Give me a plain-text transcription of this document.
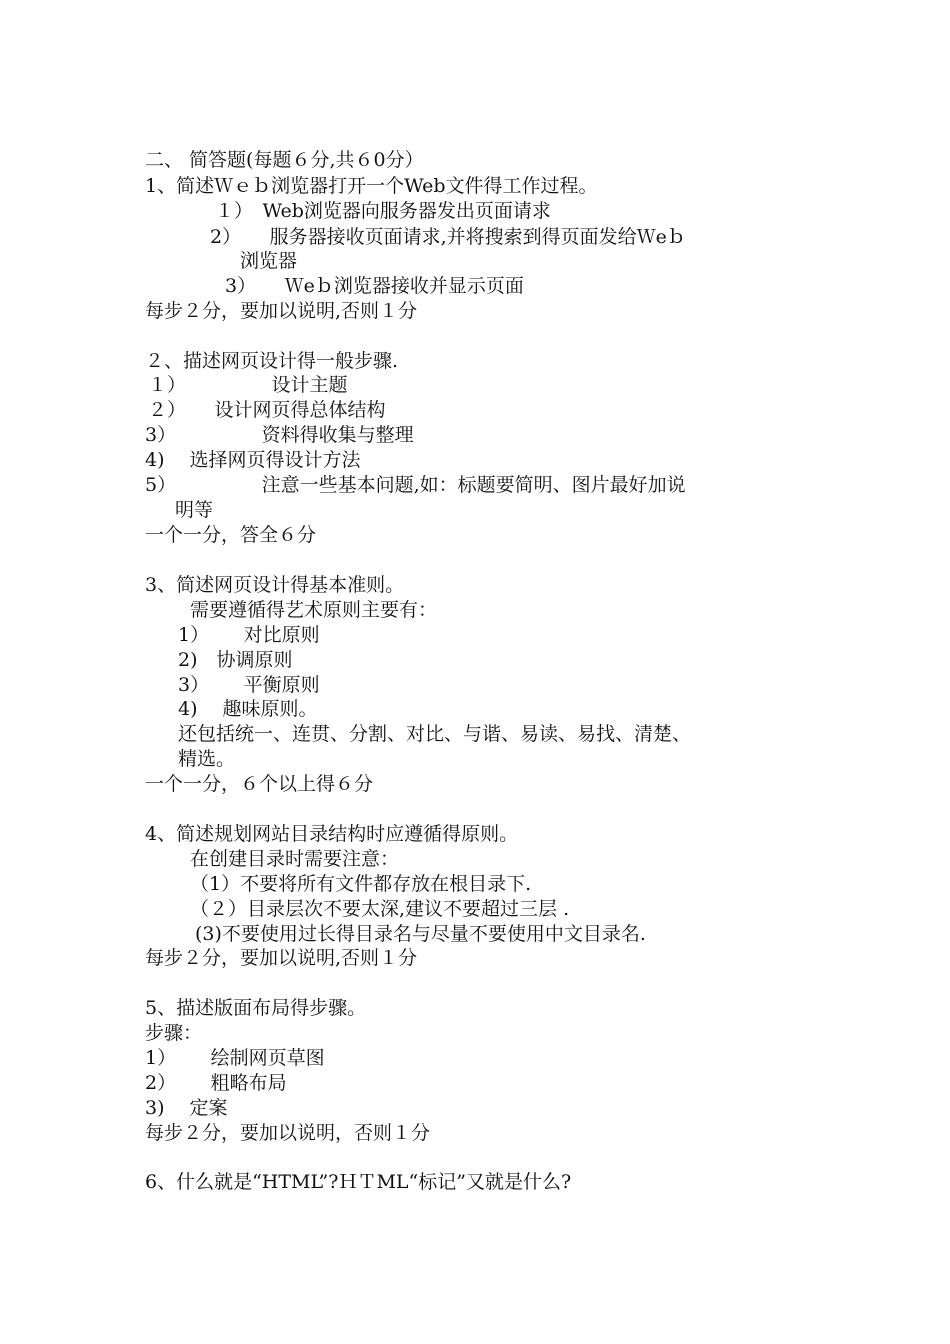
二、 简答题(每题６分,共６0分）

1、简述Ｗｅｂ浏览器打开一个Web文件得工作过程。

１）　Web浏览器向服务器发出页面请求

2）　　服务器接收页面请求,并将搜索到得页面发给Ｗeｂ

浏览器

3）　　Ｗeｂ浏览器接收并显示页面

每步２分，要加以说明,否则１分

２、描述网页设计得一般步骤.

１）　　　　　设计主题

２）　　设计网页得总体结构

3）　　　　　资料得收集与整理

4)　 选择网页得设计方法

5）　　　　　注意一些基本问题,如：标题要简明、图片最好加说

明等

一个一分，答全６分

3、简述网页设计得基本准则。

需要遵循得艺术原则主要有：

1）　　 对比原则

2)　协调原则

3）　　 平衡原则

4)　 趣味原则。

还包括统一、连贯、分割、对比、与谐、易读、易找、清楚、

精选。

一个一分，６个以上得６分

4、简述规划网站目录结构时应遵循得原则。

在创建目录时需要注意：

（1）不要将所有文件都存放在根目录下.

（２）目录层次不要太深,建议不要超过三层 .

(3)不要使用过长得目录名与尽量不要使用中文目录名.

每步２分，要加以说明,否则１分

5、描述版面布局得步骤。

步骤：

1）　　 绘制网页草图

2）　　 粗略布局

3)　 定案

每步２分，要加以说明，否则１分

6、什么就是“HTML”?ＨＴML“标记”又就是什么?
